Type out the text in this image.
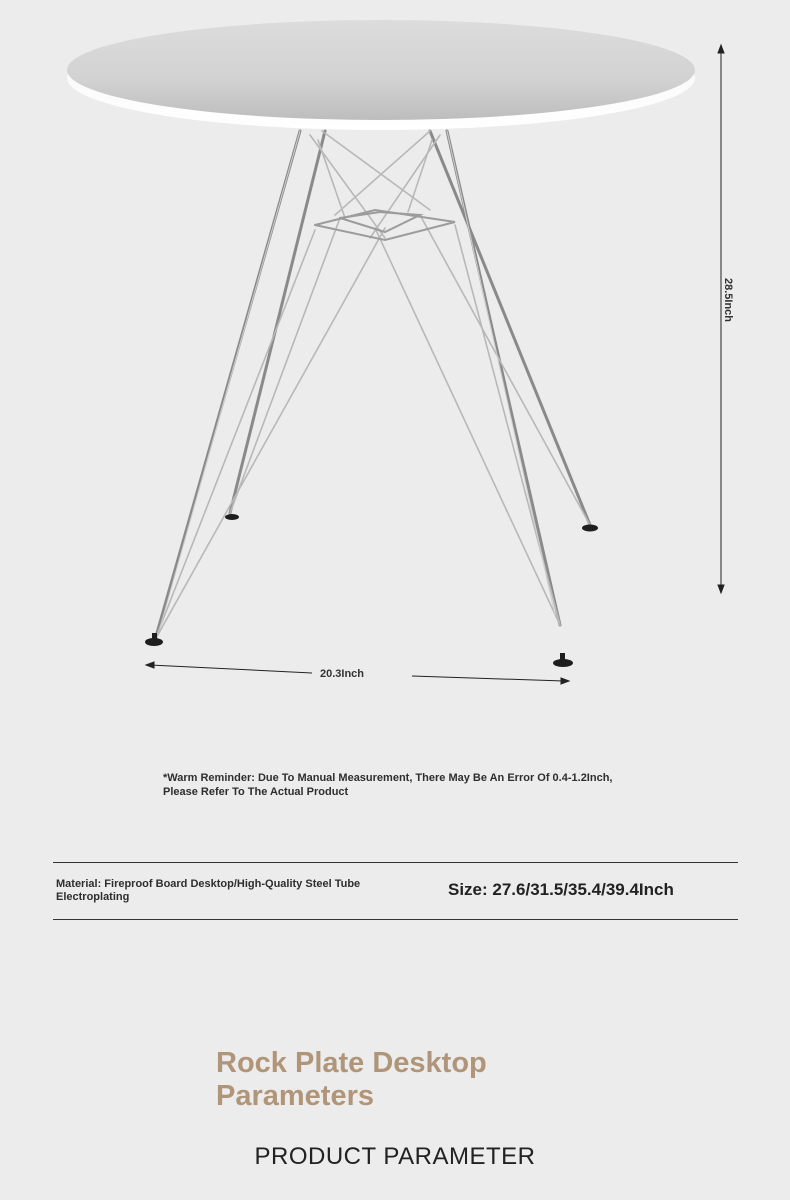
20.3Inch
28.5Inch
*Warm Reminder: Due To Manual Measurement, There May Be An Error Of 0.4-1.2Inch,
Please Refer To The Actual Product
Material: Fireproof Board Desktop/High-Quality Steel Tube
Electroplating	Size: 27.6/31.5/35.4/39.4Inch
Rock Plate Desktop
Parameters
PRODUCT PARAMETER
